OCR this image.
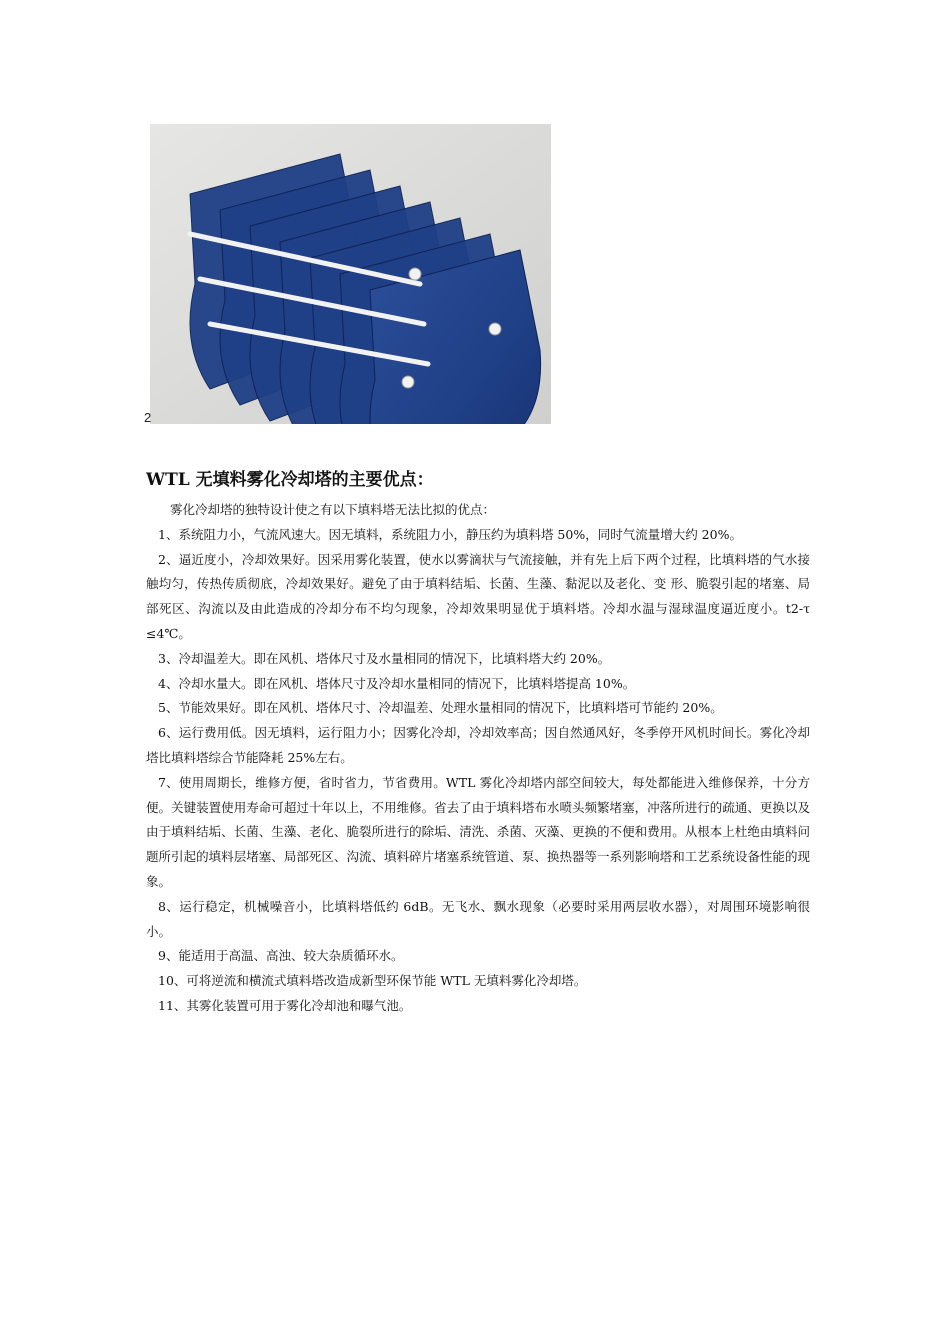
2
WTL 无填料雾化冷却塔的主要优点：

雾化冷却塔的独特设计使之有以下填料塔无法比拟的优点：

1、系统阻力小，气流风速大。因无填料，系统阻力小，静压约为填料塔 50%，同时气流量增大约 20%。

2、逼近度小，冷却效果好。因采用雾化装置，使水以雾滴状与气流接触，并有先上后下两个过程，比填料塔的气水接触均匀，传热传质彻底，冷却效果好。避免了由于填料结垢、长菌、生藻、黏泥以及老化、变 形、脆裂引起的堵塞、局部死区、沟流以及由此造成的冷却分布不均匀现象，冷却效果明显优于填料塔。冷却水温与湿球温度逼近度小。t2-τ ≤4℃。

3、冷却温差大。即在风机、塔体尺寸及水量相同的情况下，比填料塔大约 20%。

4、冷却水量大。即在风机、塔体尺寸及冷却水量相同的情况下，比填料塔提高 10%。

5、节能效果好。即在风机、塔体尺寸、冷却温差、处理水量相同的情况下，比填料塔可节能约 20%。

6、运行费用低。因无填料，运行阻力小；因雾化冷却，冷却效率高；因自然通风好，冬季停开风机时间长。雾化冷却塔比填料塔综合节能降耗 25%左右。

7、使用周期长，维修方便，省时省力，节省费用。WTL 雾化冷却塔内部空间较大，每处都能进入维修保养，十分方便。关键装置使用寿命可超过十年以上，不用维修。省去了由于填料塔布水喷头频繁堵塞，冲落所进行的疏通、更换以及由于填料结垢、长菌、生藻、老化、脆裂所进行的除垢、清洗、杀菌、灭藻、更换的不便和费用。从根本上杜绝由填料问题所引起的填料层堵塞、局部死区、沟流、填料碎片堵塞系统管道、泵、换热器等一系列影响塔和工艺系统设备性能的现象。

8、运行稳定，机械噪音小，比填料塔低约 6dB。无飞水、飘水现象（必要时采用两层收水器），对周围环境影响很小。

9、能适用于高温、高浊、较大杂质循环水。

10、可将逆流和横流式填料塔改造成新型环保节能 WTL 无填料雾化冷却塔。

11、其雾化装置可用于雾化冷却池和曝气池。
